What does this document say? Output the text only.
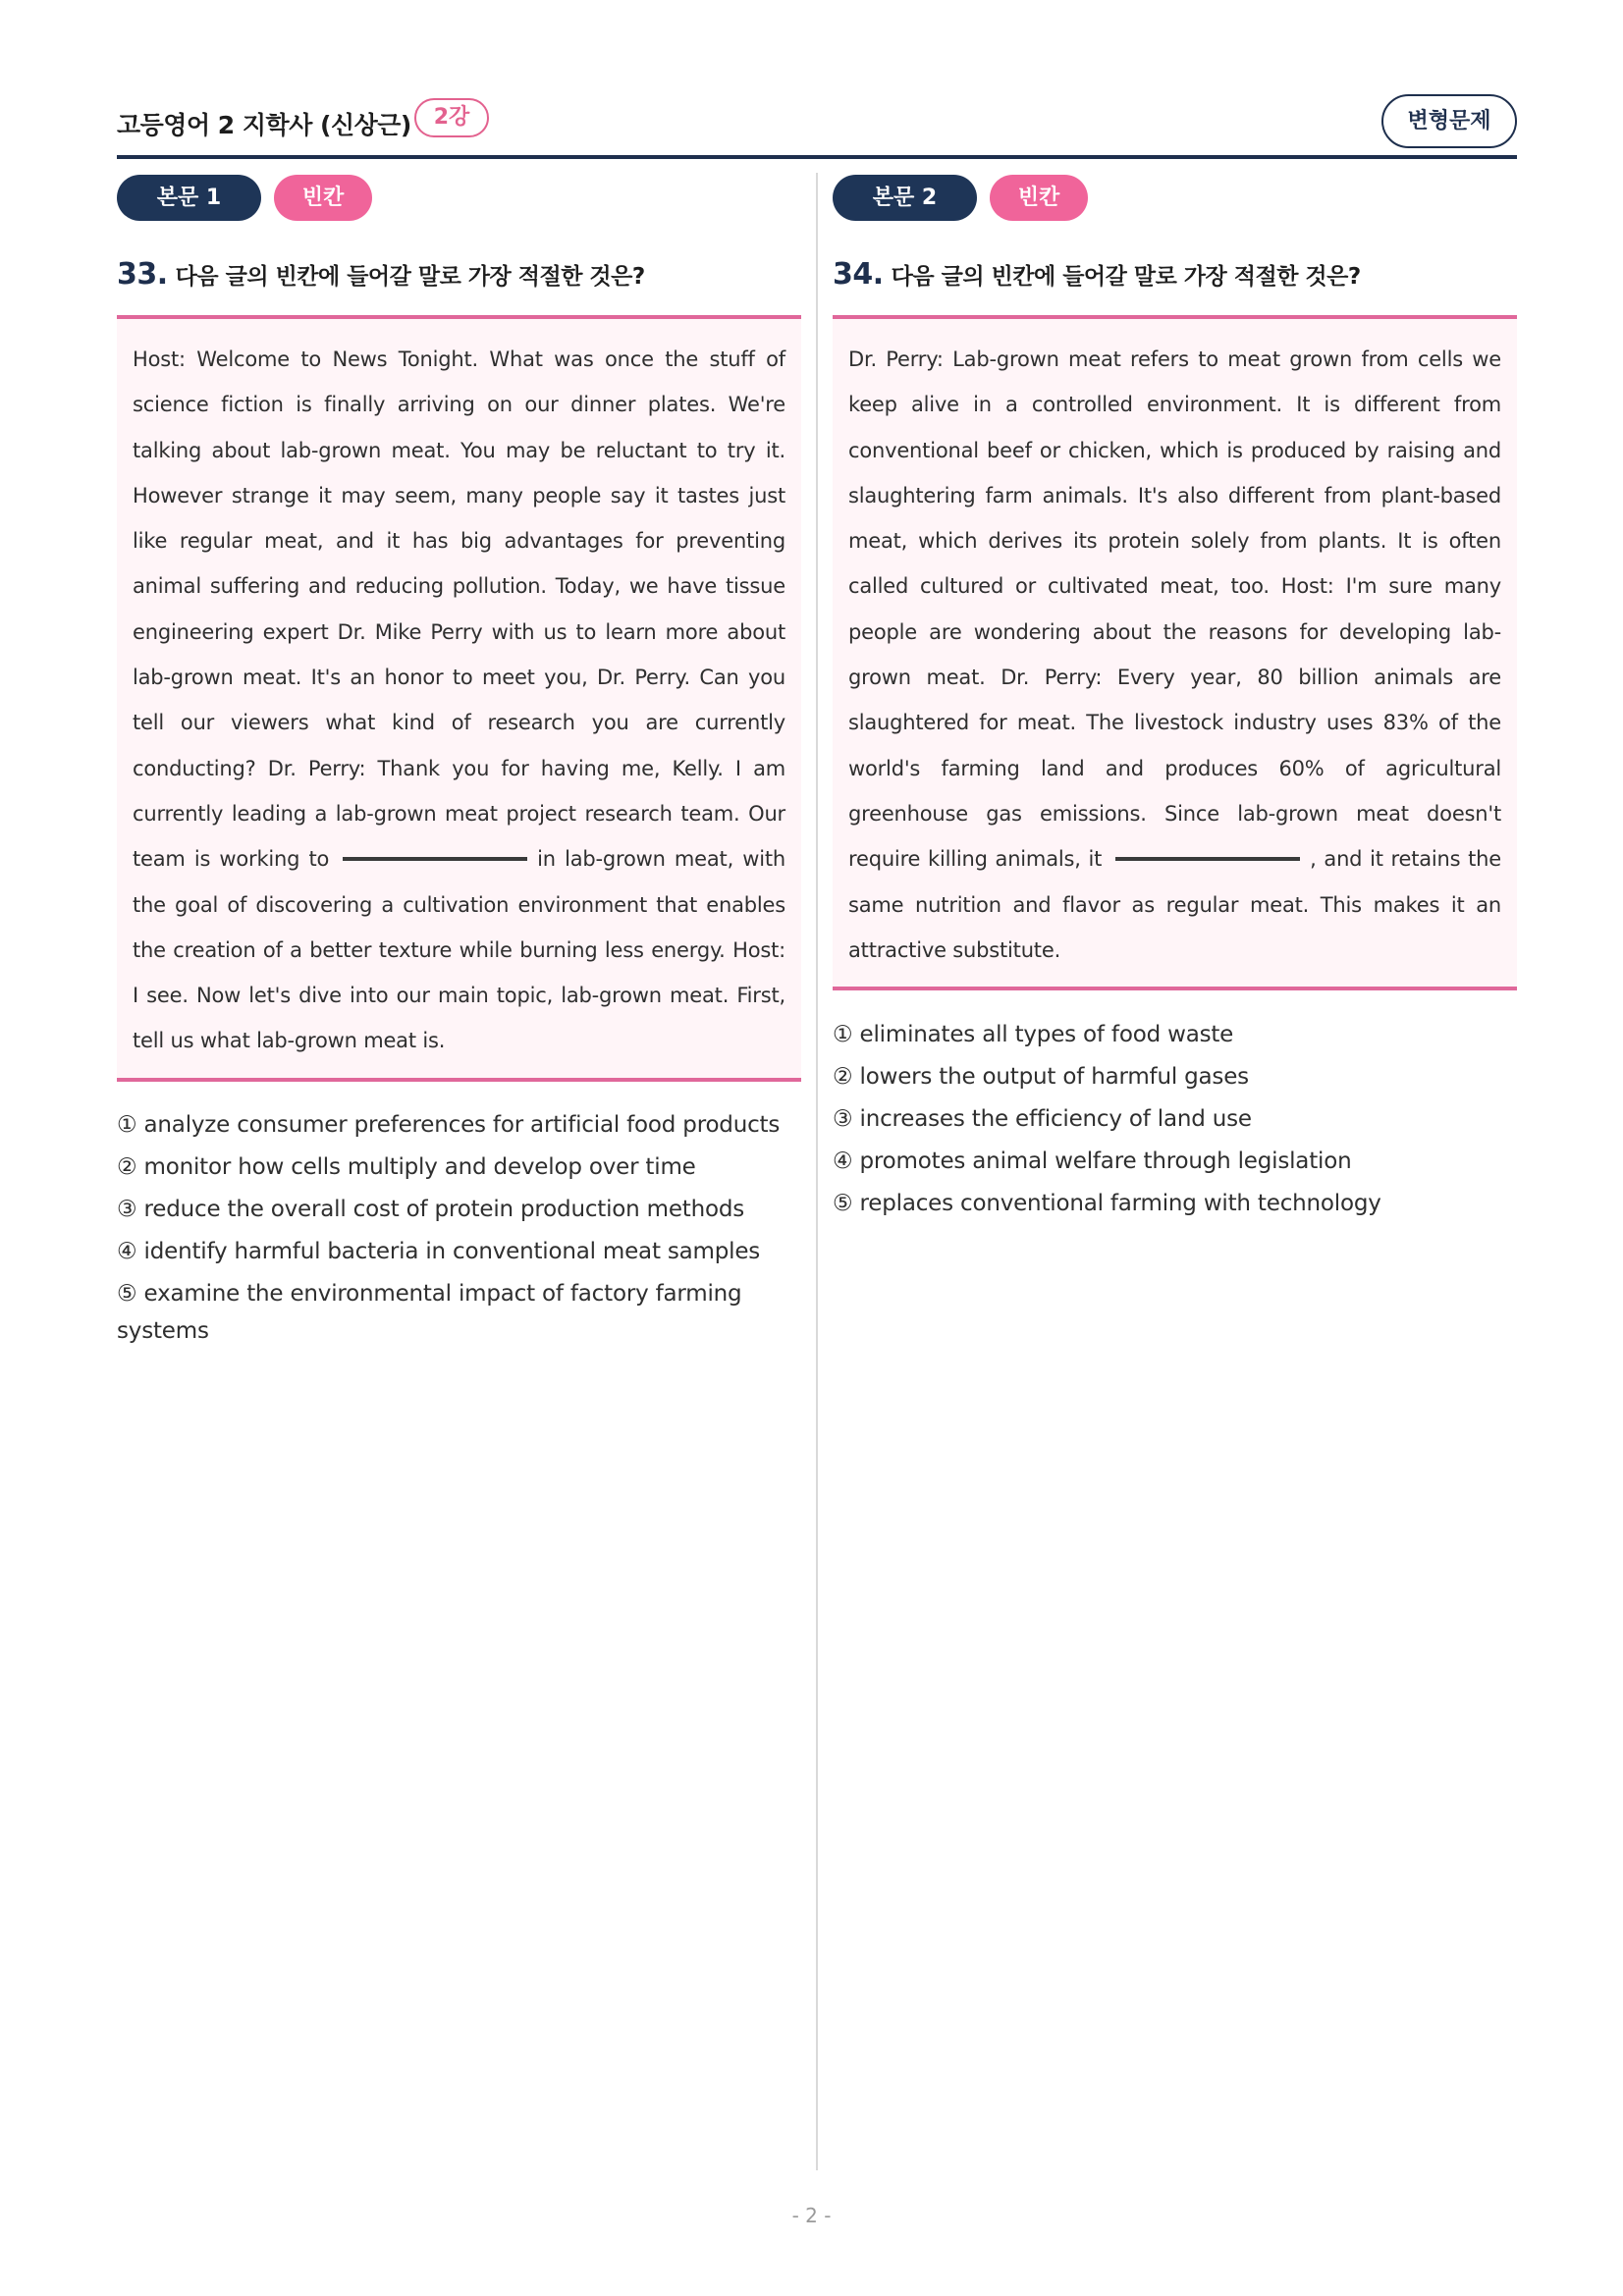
고등영어 2 지학사 (신상근)	2강	변형문제
본문 1	빈칸
33. 다음 글의 빈칸에 들어갈 말로 가장 적절한 것은?
Host: Welcome to News Tonight. What was once the stuff of science fiction is finally arriving on our dinner plates. We're talking about lab-grown meat. You may be reluctant to try it. However strange it may seem, many people say it tastes just like regular meat, and it has big advantages for preventing animal suffering and reducing pollution. Today, we have tissue engineering expert Dr. Mike Perry with us to learn more about lab-grown meat. It's an honor to meet you, Dr. Perry. Can you tell our viewers what kind of research you are currently conducting? Dr. Perry: Thank you for having me, Kelly. I am currently leading a lab-grown meat project research team. Our team is working to	in lab-grown meat, with the goal of discovering a cultivation environment that enables the creation of a better texture while burning less energy. Host: I see. Now let's dive into our main topic, lab-grown meat. First, tell us what lab-grown meat is.
① analyze consumer preferences for artificial food products
② monitor how cells multiply and develop over time
③ reduce the overall cost of protein production methods
④ identify harmful bacteria in conventional meat samples
⑤ examine the environmental impact of factory farming systems
본문 2	빈칸
34. 다음 글의 빈칸에 들어갈 말로 가장 적절한 것은?
Dr. Perry: Lab-grown meat refers to meat grown from cells we keep alive in a controlled environment. It is different from conventional beef or chicken, which is produced by raising and slaughtering farm animals. It's also different from plant-based meat, which derives its protein solely from plants. It is often called cultured or cultivated meat, too. Host: I'm sure many people are wondering about the reasons for developing lab-grown meat. Dr. Perry: Every year, 80 billion animals are slaughtered for meat. The livestock industry uses 83% of the world's farming land and produces 60% of agricultural greenhouse gas emissions. Since lab-grown meat doesn't require killing animals, it	, and it retains the same nutrition and flavor as regular meat. This makes it an attractive substitute.
① eliminates all types of food waste
② lowers the output of harmful gases
③ increases the efficiency of land use
④ promotes animal welfare through legislation
⑤ replaces conventional farming with technology
- 2 -
